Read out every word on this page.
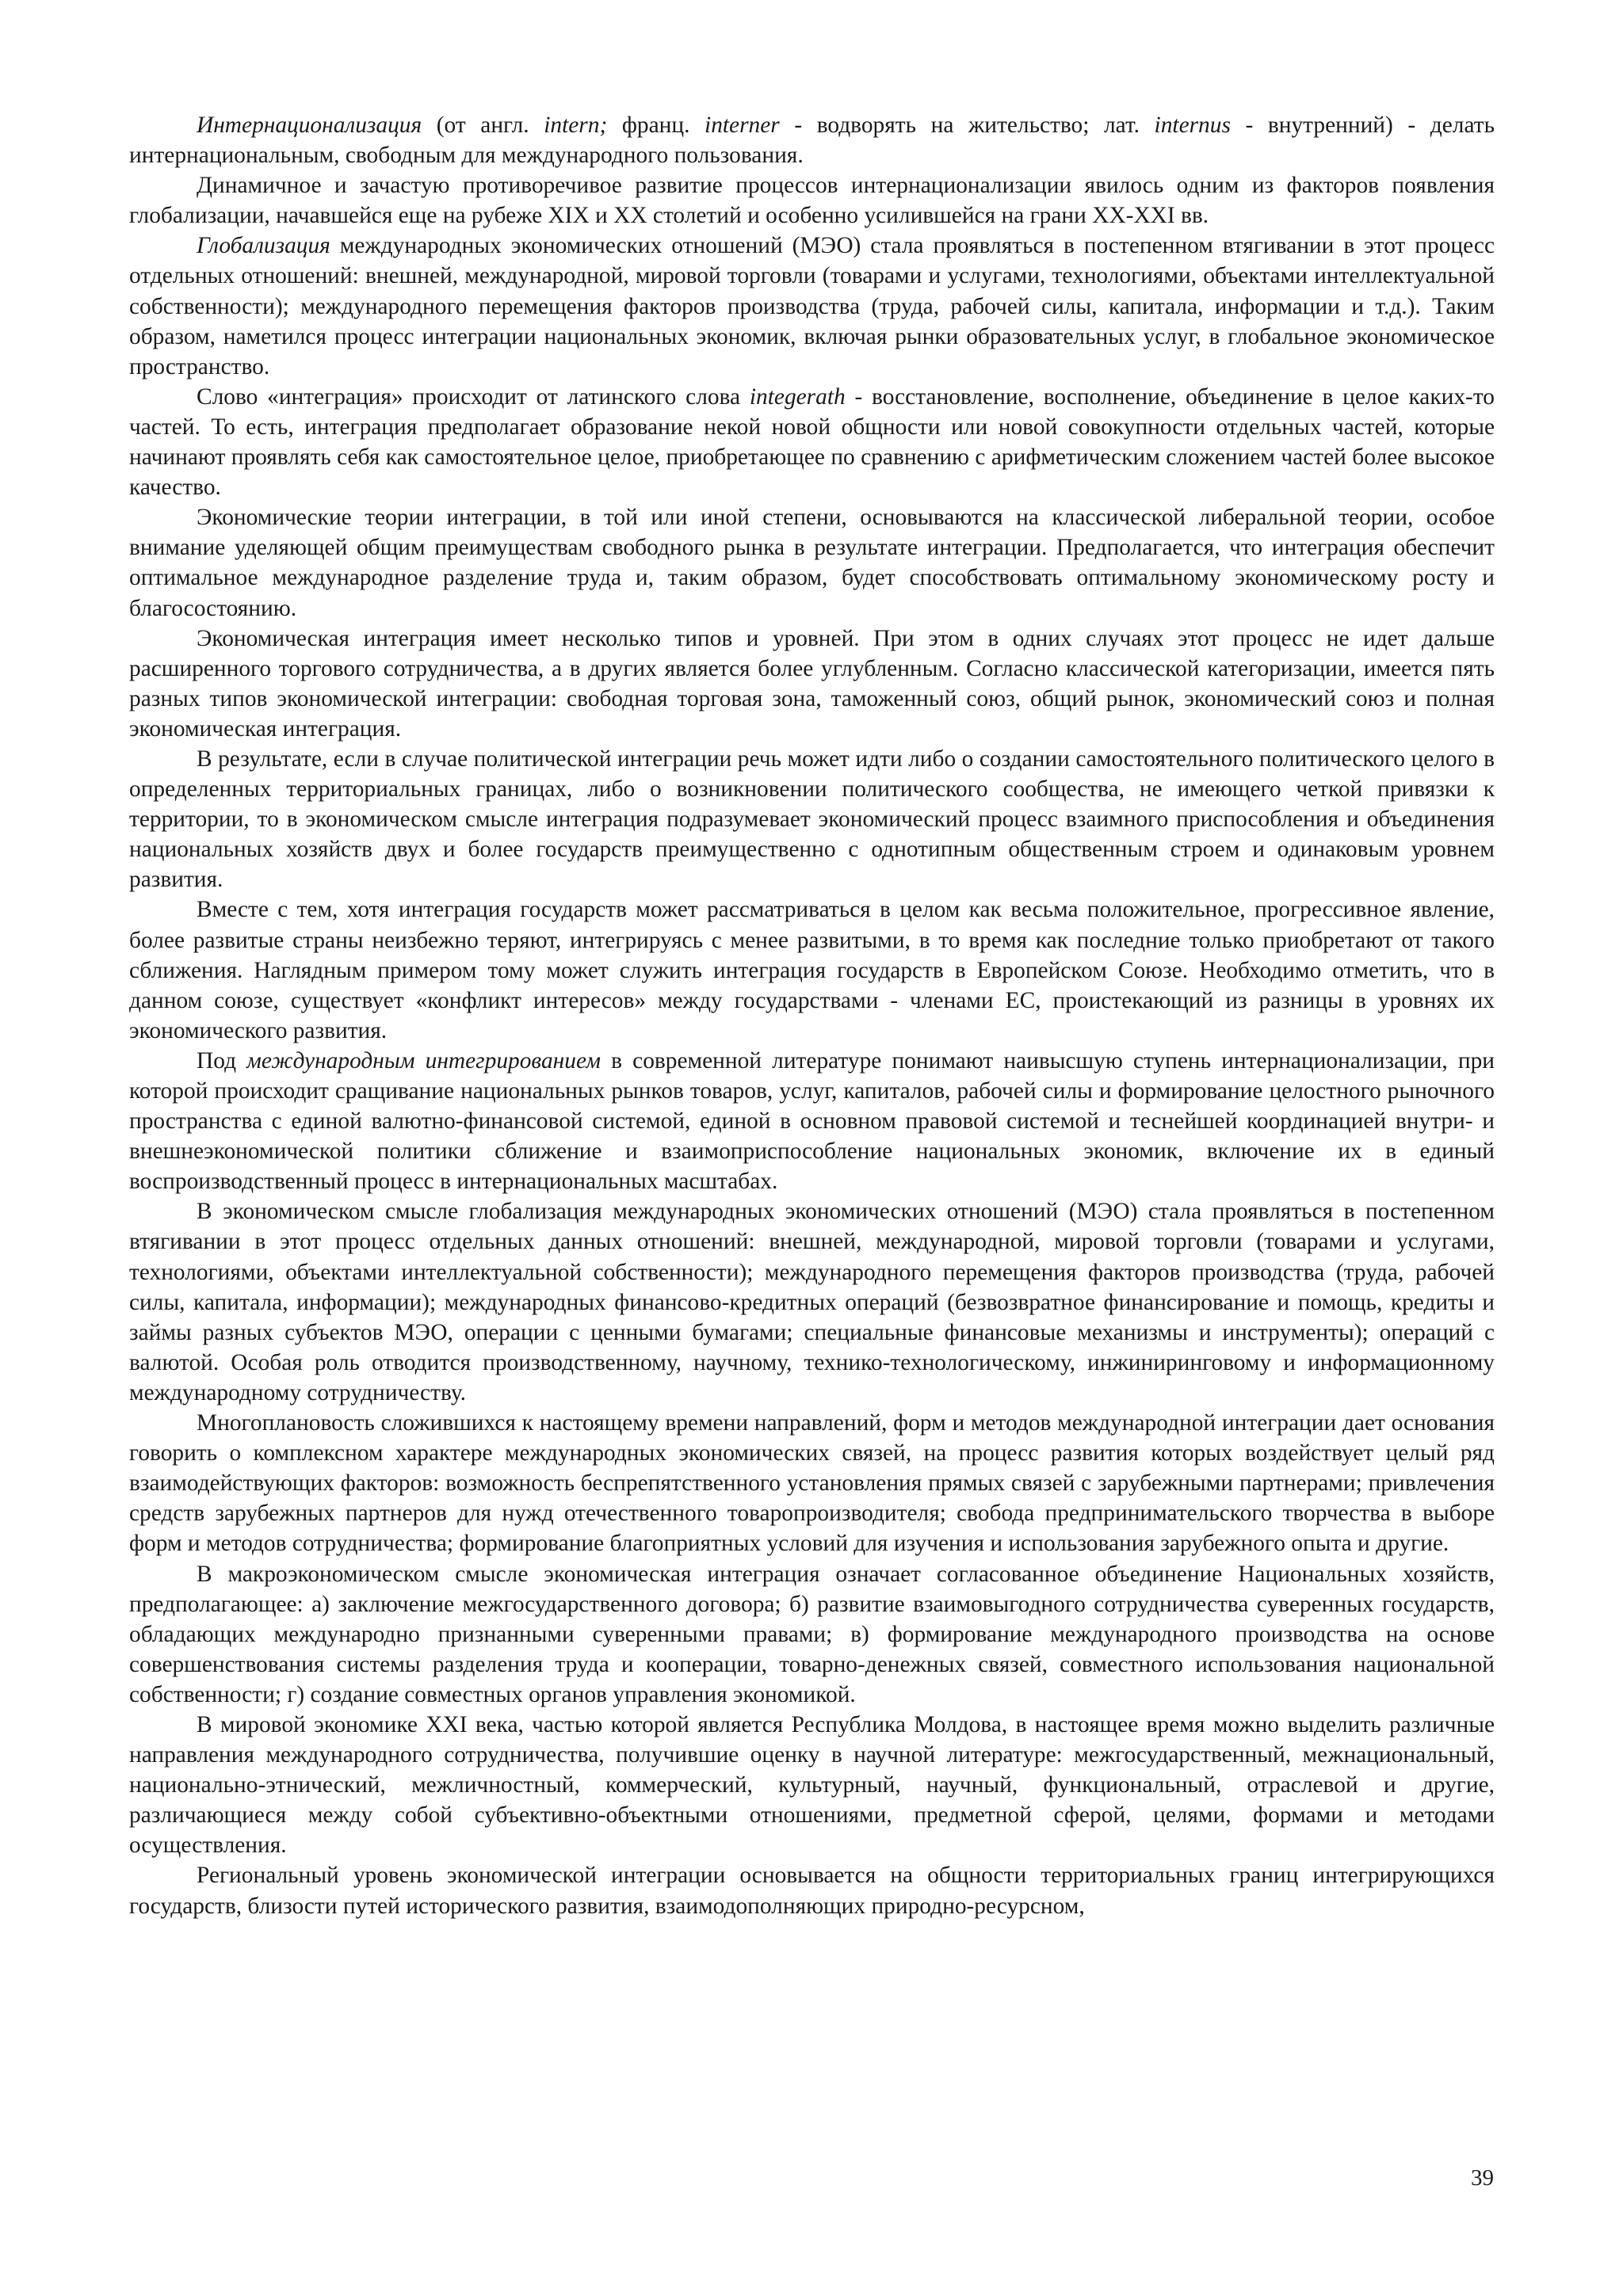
Интернационализация (от англ. intern; франц. interner - водворять на жительство; лат. internus - внутренний) - делать интернациональным, свободным для международного пользования.

Динамичное и зачастую противоречивое развитие процессов интернационализации явилось одним из факторов появления глобализации, начавшейся еще на рубеже XIX и XX столетий и особенно усилившейся на грани XX-XXI вв.

Глобализация международных экономических отношений (МЭО) стала проявляться в постепенном втягивании в этот процесс отдельных отношений: внешней, международной, мировой торговли (товарами и услугами, технологиями, объектами интеллектуальной собственности); международного перемещения факторов производства (труда, рабочей силы, капитала, информации и т.д.). Таким образом, наметился процесс интеграции национальных экономик, включая рынки образовательных услуг, в глобальное экономическое пространство.

Слово «интеграция» происходит от латинского слова integerath - восстановление, восполнение, объединение в целое каких-то частей. То есть, интеграция предполагает образование некой новой общности или новой совокупности отдельных частей, которые начинают проявлять себя как самостоятельное целое, приобретающее по сравнению с арифметическим сложением частей более высокое качество.

Экономические теории интеграции, в той или иной степени, основываются на классической либеральной теории, особое внимание уделяющей общим преимуществам свободного рынка в результате интеграции. Предполагается, что интеграция обеспечит оптимальное международное разделение труда и, таким образом, будет способствовать оптимальному экономическому росту и благосостоянию.

Экономическая интеграция имеет несколько типов и уровней. При этом в одних случаях этот процесс не идет дальше расширенного торгового сотрудничества, а в других является более углубленным. Согласно классической категоризации, имеется пять разных типов экономической интеграции: свободная торговая зона, таможенный союз, общий рынок, экономический союз и полная экономическая интеграция.

В результате, если в случае политической интеграции речь может идти либо о создании самостоятельного политического целого в определенных территориальных границах, либо о возникновении политического сообщества, не имеющего четкой привязки к территории, то в экономическом смысле интеграция подразумевает экономический процесс взаимного приспособления и объединения национальных хозяйств двух и более государств преимущественно с однотипным общественным строем и одинаковым уровнем развития.

Вместе с тем, хотя интеграция государств может рассматриваться в целом как весьма положительное, прогрессивное явление, более развитые страны неизбежно теряют, интегрируясь с менее развитыми, в то время как последние только приобретают от такого сближения. Наглядным примером тому может служить интеграция государств в Европейском Союзе. Необходимо отметить, что в данном союзе, существует «конфликт интересов» между государствами - членами ЕС, проистекающий из разницы в уровнях их экономического развития.

Под международным интегрированием в современной литературе понимают наивысшую ступень интернационализации, при которой происходит сращивание национальных рынков товаров, услуг, капиталов, рабочей силы и формирование целостного рыночного пространства с единой валютно-финансовой системой, единой в основном правовой системой и теснейшей координацией внутри- и внешнеэкономической политики сближение и взаимоприспособление национальных экономик, включение их в единый воспроизводственный процесс в интернациональных масштабах.

В экономическом смысле глобализация международных экономических отношений (МЭО) стала проявляться в постепенном втягивании в этот процесс отдельных данных отношений: внешней, международной, мировой торговли (товарами и услугами, технологиями, объектами интеллектуальной собственности); международного перемещения факторов производства (труда, рабочей силы, капитала, информации); международных финансово-кредитных операций (безвозвратное финансирование и помощь, кредиты и займы разных субъектов МЭО, операции с ценными бумагами; специальные финансовые механизмы и инструменты); операций с валютой. Особая роль отводится производственному, научному, технико-технологическому, инжиниринговому и информационному международному сотрудничеству.

Многоплановость сложившихся к настоящему времени направлений, форм и методов международной интеграции дает основания говорить о комплексном характере международных экономических связей, на процесс развития которых воздействует целый ряд взаимодействующих факторов: возможность беспрепятственного установления прямых связей с зарубежными партнерами; привлечения средств зарубежных партнеров для нужд отечественного товаропроизводителя; свобода предпринимательского творчества в выборе форм и методов сотрудничества; формирование благоприятных условий для изучения и использования зарубежного опыта и другие.

В макроэкономическом смысле экономическая интеграция означает согласованное объединение Национальных хозяйств, предполагающее: а) заключение межгосударственного договора; б) развитие взаимовыгодного сотрудничества суверенных государств, обладающих международно признанными суверенными правами; в) формирование международного производства на основе совершенствования системы разделения труда и кооперации, товарно-денежных связей, совместного использования национальной собственности; г) создание совместных органов управления экономикой.

В мировой экономике XXI века, частью которой является Республика Молдова, в настоящее время можно выделить различные направления международного сотрудничества, получившие оценку в научной литературе: межгосударственный, межнациональный, национально-этнический, межличностный, коммерческий, культурный, научный, функциональный, отраслевой и другие, различающиеся между собой субъективно-объектными отношениями, предметной сферой, целями, формами и методами осуществления.

Региональный уровень экономической интеграции основывается на общности территориальных границ интегрирующихся государств, близости путей исторического развития, взаимодополняющих природно-ресурсном,

39
